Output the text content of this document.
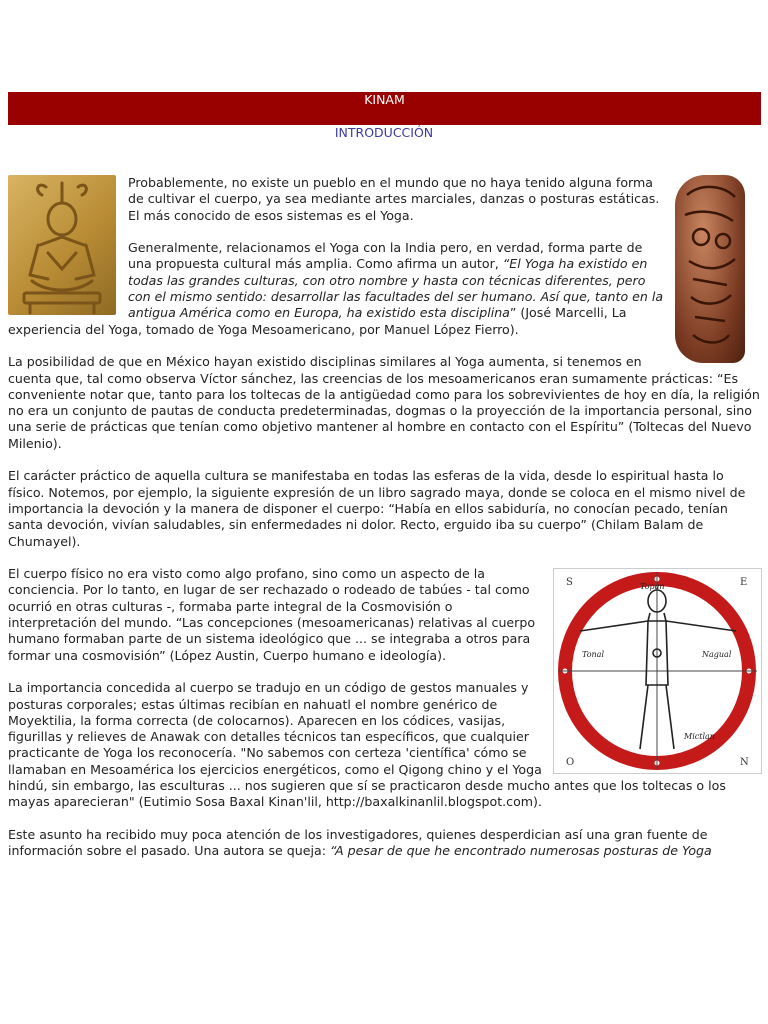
KINAM
INTRODUCCIÓN

Probablemente, no existe un pueblo en el mundo que no haya tenido alguna forma de cultivar el cuerpo, ya sea mediante artes marciales, danzas o posturas estáticas. El más conocido de esos sistemas es el Yoga.

Generalmente, relacionamos el Yoga con la India pero, en verdad, forma parte de una propuesta cultural más amplia. Como afirma un autor, “El Yoga ha existido en todas las grandes culturas, con otro nombre y hasta con técnicas diferentes, pero con el mismo sentido: desarrollar las facultades del ser humano. Así que, tanto en la antigua América como en Europa, ha existido esta disciplina” (José Marcelli, La experiencia del Yoga, tomado de Yoga Mesoamericano, por Manuel López Fierro).

La posibilidad de que en México hayan existido disciplinas similares al Yoga aumenta, si tenemos en cuenta que, tal como observa Víctor sánchez, las creencias de los mesoamericanos eran sumamente prácticas: “Es conveniente notar que, tanto para los toltecas de la antigüedad como para los sobrevivientes de hoy en día, la religión no era un conjunto de pautas de conducta predeterminadas, dogmas o la proyección de la importancia personal, sino una serie de prácticas que tenían como objetivo mantener al hombre en contacto con el Espíritu” (Toltecas del Nuevo Milenio).

El carácter práctico de aquella cultura se manifestaba en todas las esferas de la vida, desde lo espiritual hasta lo físico. Notemos, por ejemplo, la siguiente expresión de un libro sagrado maya, donde se coloca en el mismo nivel de importancia la devoción y la manera de disponer el cuerpo: “Había en ellos sabiduría, no conocían pecado, tenían santa devoción, vivían saludables, sin enfermedades ni dolor. Recto, erguido iba su cuerpo” (Chilam Balam de Chumayel).

S	E
O	N
Topan
Nagual
Tonal
Mictlan

El cuerpo físico no era visto como algo profano, sino como un aspecto de la conciencia. Por lo tanto, en lugar de ser rechazado o rodeado de tabúes - tal como ocurrió en otras culturas -, formaba parte integral de la Cosmovisión o interpretación del mundo. “Las concepciones (mesoamericanas) relativas al cuerpo humano formaban parte de un sistema ideológico que ... se integraba a otros para formar una cosmovisión” (López Austin, Cuerpo humano e ideología).

La importancia concedida al cuerpo se tradujo en un código de gestos manuales y posturas corporales; estas últimas recibían en nahuatl el nombre genérico de Moyektilia, la forma correcta (de colocarnos). Aparecen en los códices, vasijas, figurillas y relieves de Anawak con detalles técnicos tan específicos, que cualquier practicante de Yoga los reconocería. "No sabemos con certeza 'científica' cómo se llamaban en Mesoamérica los ejercicios energéticos, como el Qigong chino y el Yoga hindú, sin embargo, las esculturas ... nos sugieren que sí se practicaron desde mucho antes que los toltecas o los mayas aparecieran" (Eutimio Sosa Baxal Kinan'lil, http://baxalkinanlil.blogspot.com).

Este asunto ha recibido muy poca atención de los investigadores, quienes desperdician así una gran fuente de información sobre el pasado. Una autora se queja: “A pesar de que he encontrado numerosas posturas de Yoga
